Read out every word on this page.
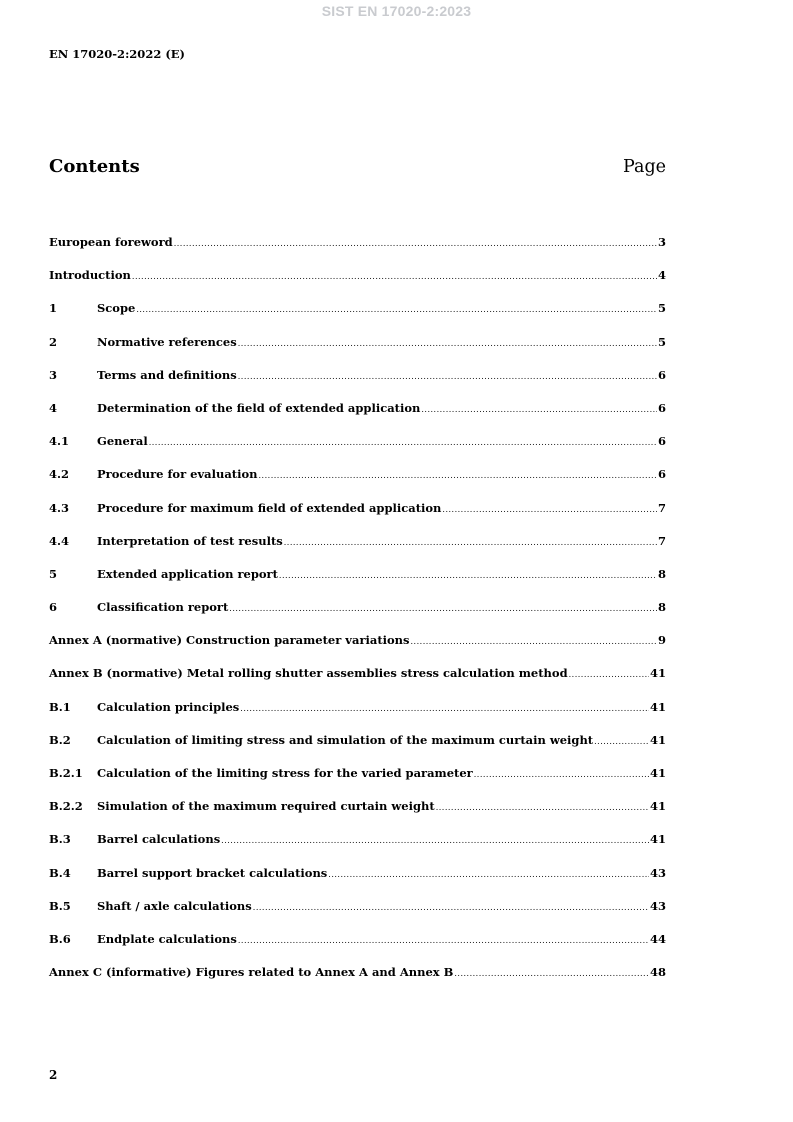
SIST EN 17020-2:2023
EN 17020-2:2022 (E)
Contents	Page
European foreword .....	3
Introduction .....	4
1	Scope .....	5
2	Normative references .....	5
3	Terms and definitions .....	6
4	Determination of the field of extended application .....	6
4.1	General .....	6
4.2	Procedure for evaluation .....	6
4.3	Procedure for maximum field of extended application .....	7
4.4	Interpretation of test results .....	7
5	Extended application report .....	8
6	Classification report .....	8
Annex A (normative) Construction parameter variations .....	9
Annex B (normative) Metal rolling shutter assemblies stress calculation method .....	41
B.1	Calculation principles .....	41
B.2	Calculation of limiting stress and simulation of the maximum curtain weight .....	41
B.2.1	Calculation of the limiting stress for the varied parameter .....	41
B.2.2	Simulation of the maximum required curtain weight .....	41
B.3	Barrel calculations .....	41
B.4	Barrel support bracket calculations .....	43
B.5	Shaft / axle calculations .....	43
B.6	Endplate calculations .....	44
Annex C (informative) Figures related to Annex A and Annex B .....	48
2
